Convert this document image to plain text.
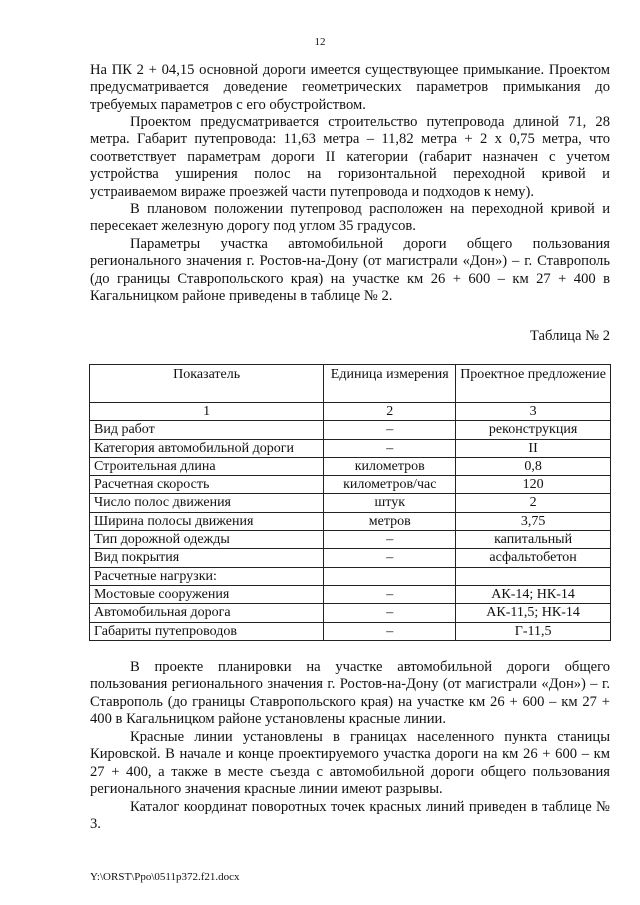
12

На ПК 2 + 04,15 основной дороги имеется существующее примыкание. Проектом предусматривается доведение геометрических параметров примыкания до требуемых параметров с его обустройством.

Проектом предусматривается строительство путепровода длиной 71, 28 метра. Габарит путепровода: 11,63 метра – 11,82 метра + 2 х 0,75 метра, что соответствует параметрам дороги II категории (габарит назначен с учетом устройства уширения полос на горизонтальной переходной кривой и устраиваемом вираже проезжей части путепровода и подходов к нему).

В плановом положении путепровод расположен на переходной кривой и пересекает железную дорогу под углом 35 градусов.

Параметры участка автомобильной дороги общего пользования регионального значения г. Ростов-на-Дону (от магистрали «Дон») – г. Ставрополь (до границы Ставропольского края) на участке км 26 + 600 – км 27 + 400 в Кагальницком районе приведены в таблице № 2.

Таблица № 2
Показатель	Единица измерения	Проектное предложение
1	2	3
Вид работ	–	реконструкция
Категория автомобильной дороги	–	II
Строительная длина	километров	0,8
Расчетная скорость	километров/час	120
Число полос движения	штук	2
Ширина полосы движения	метров	3,75
Тип дорожной одежды	–	капитальный
Вид покрытия	–	асфальтобетон
Расчетные нагрузки:		
Мостовые сооружения	–	АК-14; НК-14
Автомобильная дорога	–	АК-11,5; НК-14
Габариты путепроводов	–	Г-11,5

В проекте планировки на участке автомобильной дороги общего пользования регионального значения г. Ростов-на-Дону (от магистрали «Дон») – г. Ставрополь (до границы Ставропольского края) на участке км 26 + 600 – км 27 + 400 в Кагальницком районе установлены красные линии.

Красные линии установлены в границах населенного пункта станицы Кировской. В начале и конце проектируемого участка дороги на км 26 + 600 – км 27 + 400, а также в месте съезда с автомобильной дороги общего пользования регионального значения красные линии имеют разрывы.

Каталог координат поворотных точек красных линий приведен в таблице № 3.

Y:\ORST\Ppo\0511p372.f21.docx
